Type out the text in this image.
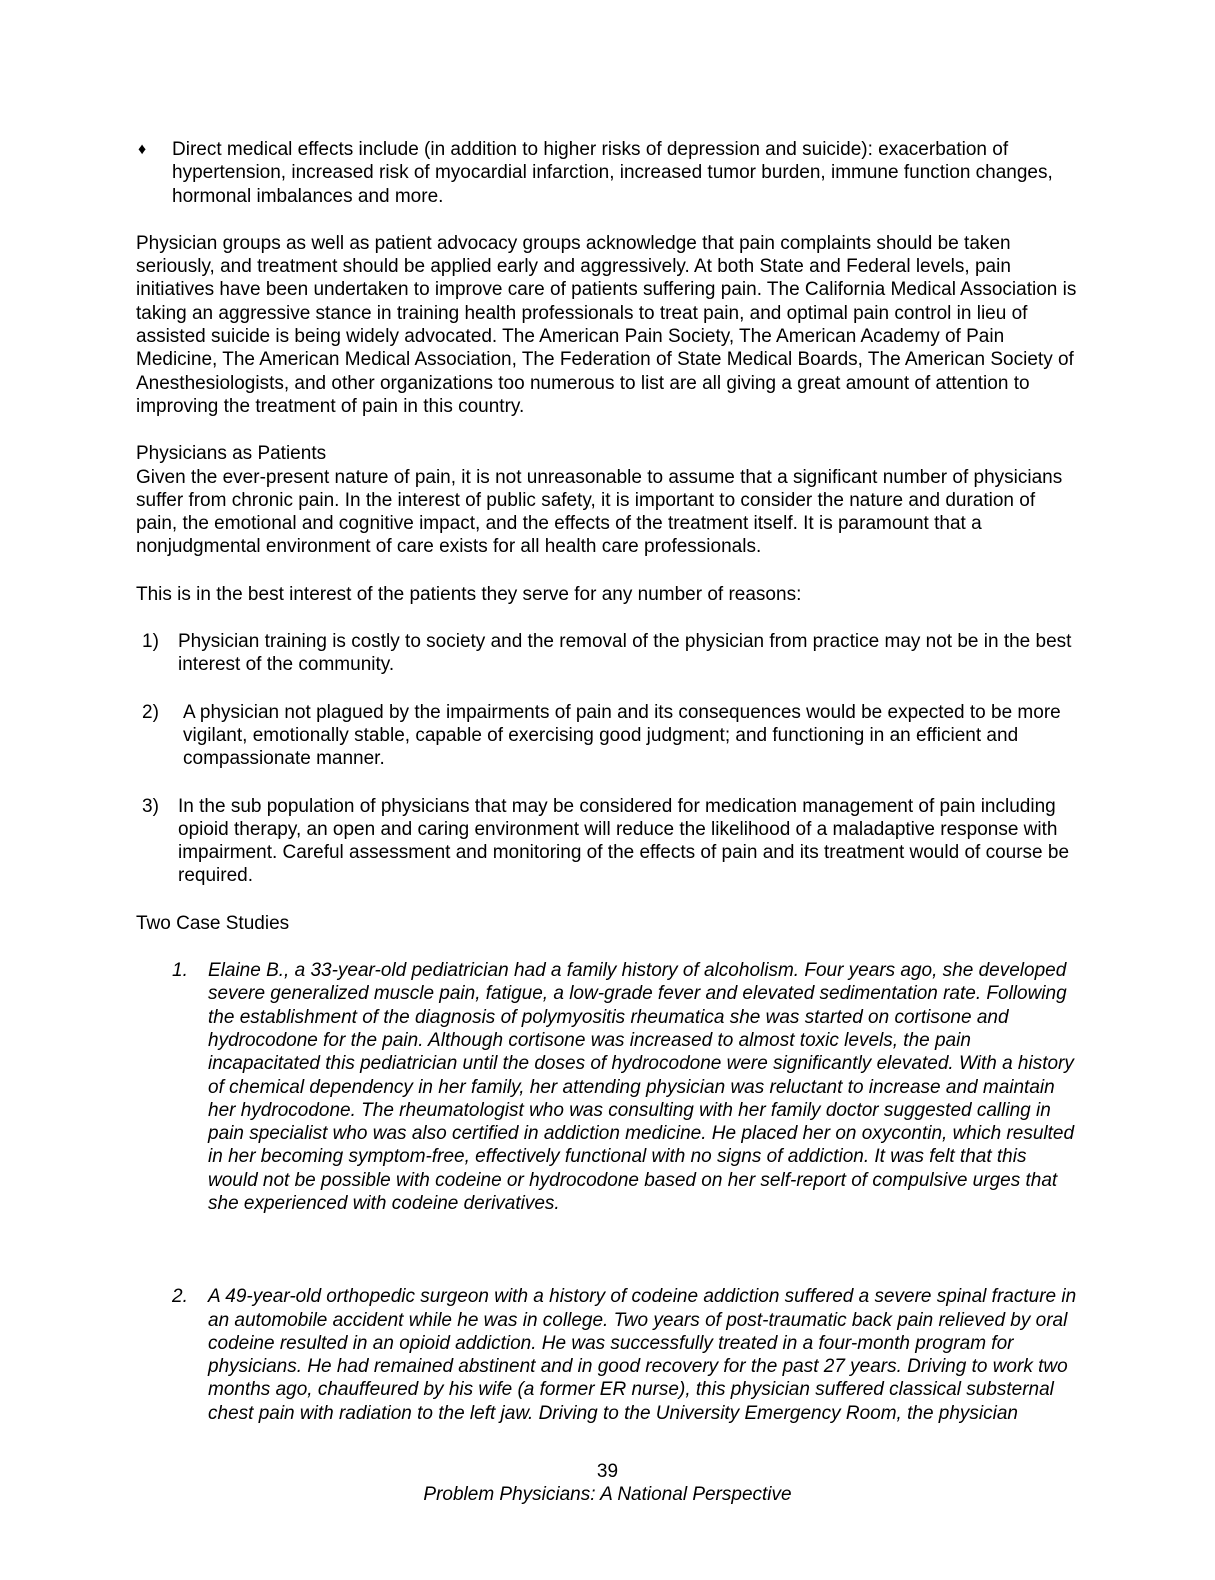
♦ Direct medical effects include (in addition to higher risks of depression and suicide): exacerbation of hypertension, increased risk of myocardial infarction, increased tumor burden, immune function changes, hormonal imbalances and more.

Physician groups as well as patient advocacy groups acknowledge that pain complaints should be taken seriously, and treatment should be applied early and aggressively. At both State and Federal levels, pain initiatives have been undertaken to improve care of patients suffering pain. The California Medical Association is taking an aggressive stance in training health professionals to treat pain, and optimal pain control in lieu of assisted suicide is being widely advocated. The American Pain Society, The American Academy of Pain Medicine, The American Medical Association, The Federation of State Medical Boards, The American Society of Anesthesiologists, and other organizations too numerous to list are all giving a great amount of attention to improving the treatment of pain in this country.

Physicians as Patients

Given the ever-present nature of pain, it is not unreasonable to assume that a significant number of physicians suffer from chronic pain. In the interest of public safety, it is important to consider the nature and duration of pain, the emotional and cognitive impact, and the effects of the treatment itself. It is paramount that a nonjudgmental environment of care exists for all health care professionals.

This is in the best interest of the patients they serve for any number of reasons:

1) Physician training is costly to society and the removal of the physician from practice may not be in the best interest of the community.

2) A physician not plagued by the impairments of pain and its consequences would be expected to be more vigilant, emotionally stable, capable of exercising good judgment; and functioning in an efficient and compassionate manner.

3) In the sub population of physicians that may be considered for medication management of pain including opioid therapy, an open and caring environment will reduce the likelihood of a maladaptive response with impairment. Careful assessment and monitoring of the effects of pain and its treatment would of course be required.

Two Case Studies

1. Elaine B., a 33-year-old pediatrician had a family history of alcoholism. Four years ago, she developed severe generalized muscle pain, fatigue, a low-grade fever and elevated sedimentation rate. Following the establishment of the diagnosis of polymyositis rheumatica she was started on cortisone and hydrocodone for the pain. Although cortisone was increased to almost toxic levels, the pain incapacitated this pediatrician until the doses of hydrocodone were significantly elevated. With a history of chemical dependency in her family, her attending physician was reluctant to increase and maintain her hydrocodone. The rheumatologist who was consulting with her family doctor suggested calling in pain specialist who was also certified in addiction medicine. He placed her on oxycontin, which resulted in her becoming symptom-free, effectively functional with no signs of addiction. It was felt that this would not be possible with codeine or hydrocodone based on her self-report of compulsive urges that she experienced with codeine derivatives.

2. A 49-year-old orthopedic surgeon with a history of codeine addiction suffered a severe spinal fracture in an automobile accident while he was in college. Two years of post-traumatic back pain relieved by oral codeine resulted in an opioid addiction. He was successfully treated in a four-month program for physicians. He had remained abstinent and in good recovery for the past 27 years. Driving to work two months ago, chauffeured by his wife (a former ER nurse), this physician suffered classical substernal chest pain with radiation to the left jaw. Driving to the University Emergency Room, the physician

39
Problem Physicians: A National Perspective
